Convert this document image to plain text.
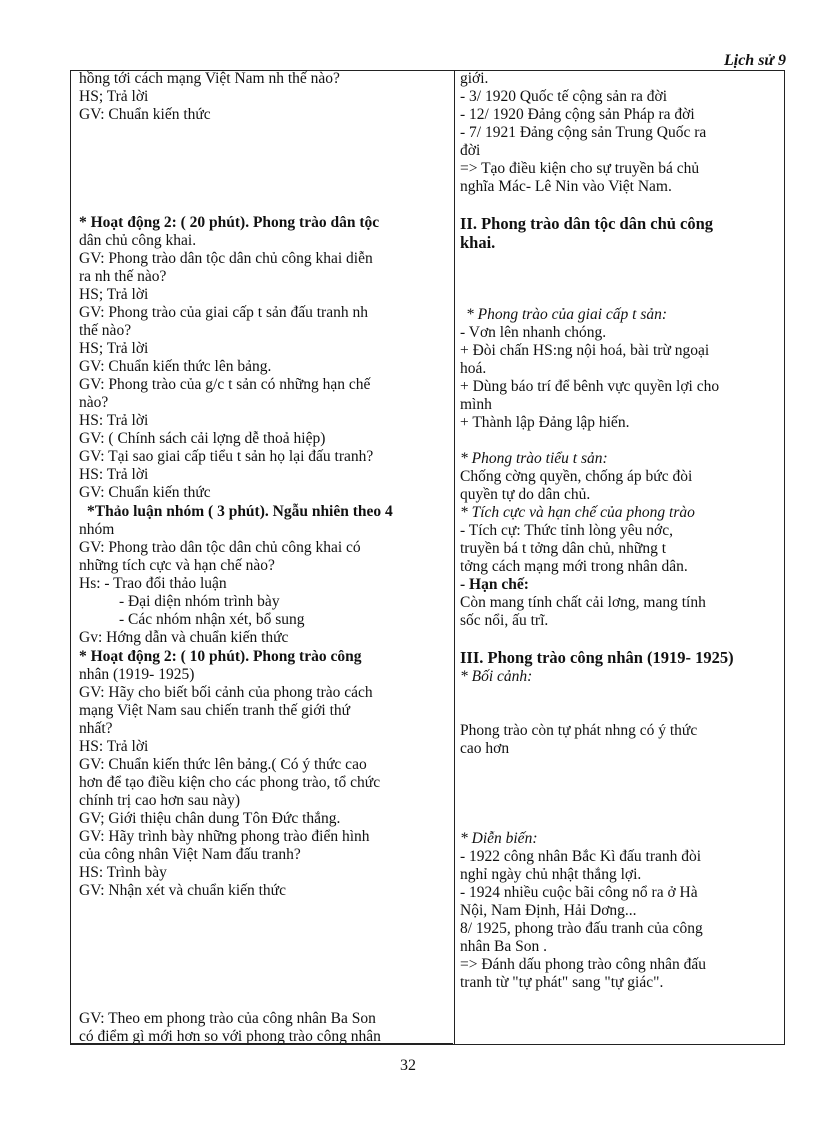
Lịch sử 9
hồng tới cách mạng Việt Nam nh thế nào?
HS; Trả lời
GV: Chuẩn kiến thức
* Hoạt động 2: ( 20 phút). Phong trào dân tộc
dân chủ công khai.
GV: Phong trào dân tộc dân chủ công khai diễn
ra nh thế nào?
HS; Trả lời
GV: Phong trào của giai cấp t sản đấu tranh nh
thế nào?
HS; Trả lời
GV: Chuẩn kiến thức lên bảng.
GV: Phong trào của g/c t sản có những hạn chế
nào?
HS: Trả lời
GV: ( Chính sách cải lợng dễ thoả hiệp)
GV: Tại sao giai cấp tiểu t sản họ lại đấu tranh?
HS: Trả lời
GV: Chuẩn kiến thức
*Thảo luận nhóm ( 3 phút). Ngẫu nhiên theo 4
nhóm
GV: Phong trào dân tộc dân chủ công khai có
những tích cực và hạn chế nào?
Hs: - Trao đổi thảo luận
- Đại diện nhóm trình bày
- Các nhóm nhận xét, bổ sung
Gv: Hớng dẫn và chuẩn kiến thức
* Hoạt động 2: ( 10 phút). Phong trào công
nhân (1919- 1925)
GV: Hãy cho biết bối cảnh của phong trào cách
mạng Việt Nam sau chiến tranh thế giới thứ
nhất?
HS: Trả lời
GV: Chuẩn kiến thức lên bảng.( Có ý thức cao
hơn để tạo điều kiện cho các phong trào, tổ chức
chính trị cao hơn sau này)
GV; Giới thiệu chân dung Tôn Đức thắng.
GV: Hãy trình bày những phong trào điển hình
của công nhân Việt Nam đấu tranh?
HS: Trình bày
GV: Nhận xét và chuẩn kiến thức
GV: Theo em phong trào của công nhân Ba Son
có điểm gì mới hơn so với phong trào công nhân
giới.
- 3/ 1920 Quốc tế cộng sản ra đời
- 12/ 1920 Đảng cộng sản Pháp ra đời
- 7/ 1921 Đảng cộng sản Trung Quốc ra
đời
=> Tạo điều kiện cho sự truyền bá chủ
nghĩa Mác- Lê Nin vào Việt Nam.
II. Phong trào dân tộc dân chủ công
khai.
* Phong trào của giai cấp t sản:
- Vơn lên nhanh chóng.
+ Đòi chấn HS:ng nội hoá, bài trừ ngoại
hoá.
+ Dùng báo trí để bênh vực quyền lợi cho
mình
+ Thành lập Đảng lập hiến.
* Phong trào tiểu t sản:
Chống cờng quyền, chống áp bức đòi
quyền tự do dân chủ.
* Tích cực và hạn chế của phong trào
- Tích cự: Thức tỉnh lòng yêu nớc,
truyền bá t tởng dân chủ, những t
tởng cách mạng mới trong nhân dân.
- Hạn chế:
Còn mang tính chất cải lơng, mang tính
sốc nổi, ấu trĩ.
III. Phong trào công nhân (1919- 1925)
* Bối cảnh:
Phong trào còn tự phát nhng có ý thức
cao hơn
* Diễn biến:
- 1922 công nhân Bắc Kì đấu tranh đòi
nghỉ ngày chủ nhật thắng lợi.
- 1924 nhiều cuộc bãi công nổ ra ở Hà
Nội, Nam Định, Hải Dơng...
8/ 1925, phong trào đấu tranh của công
nhân Ba Son .
=> Đánh dấu phong trào công nhân đấu
tranh từ "tự phát" sang "tự giác".
32
